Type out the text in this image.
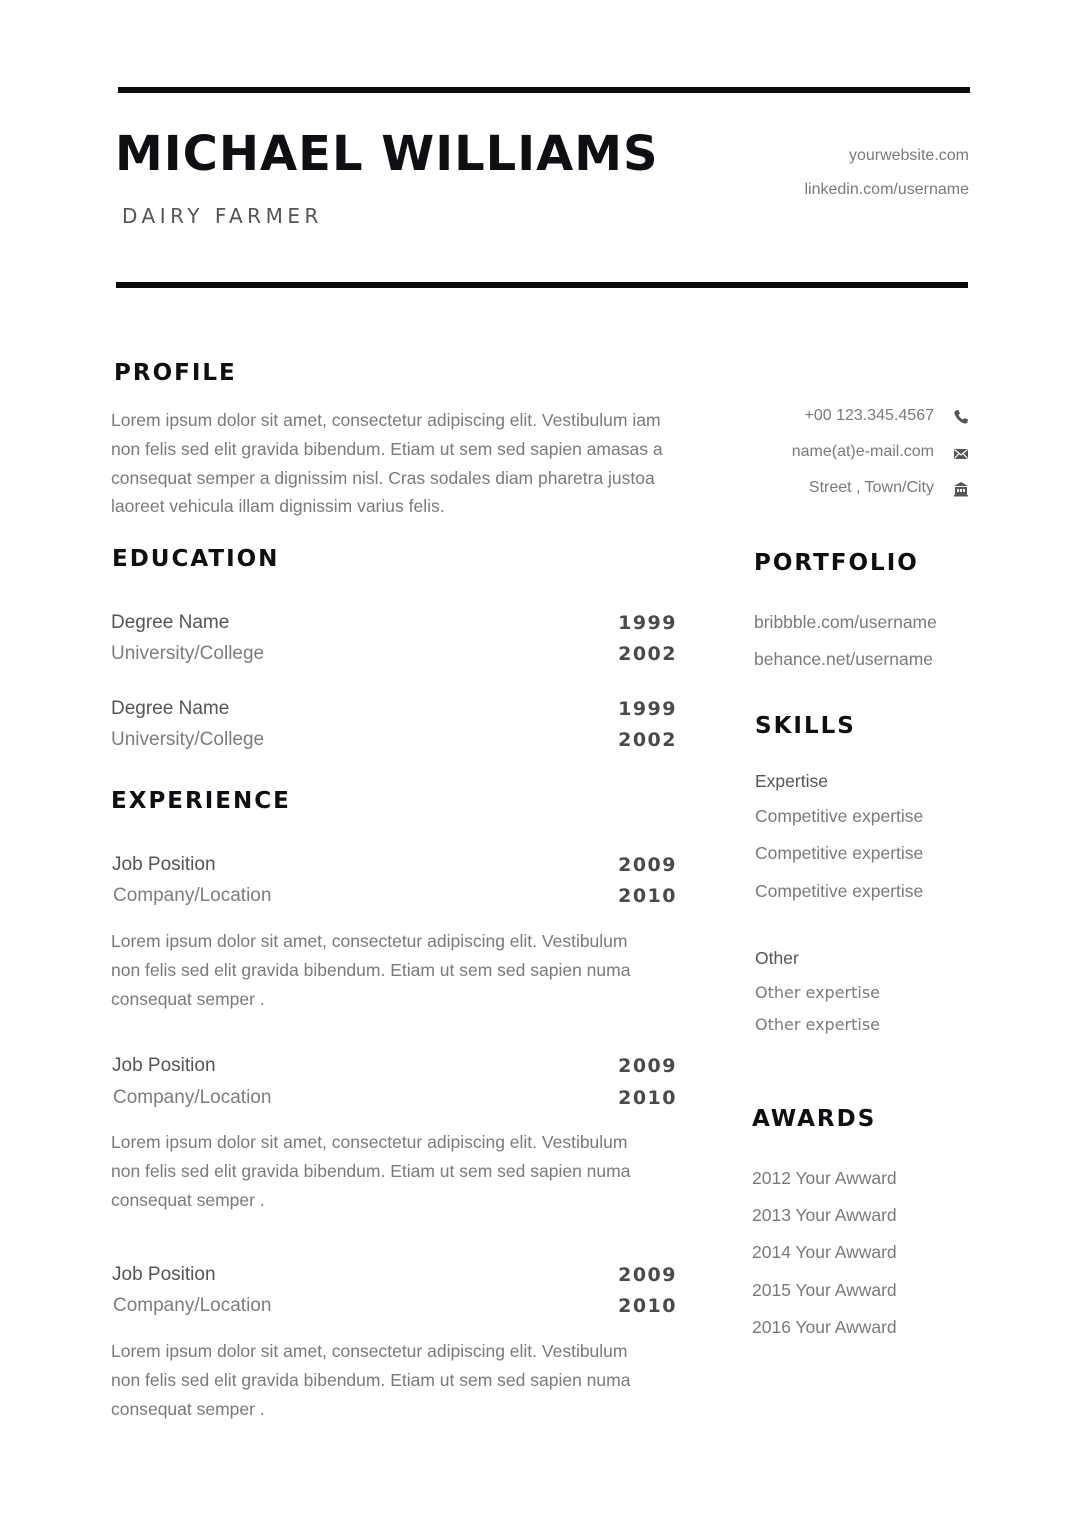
MICHAEL WILLIAMS
DAIRY FARMER
yourwebsite.com
linkedin.com/username
PROFILE
Lorem ipsum dolor sit amet, consectetur adipiscing elit. Vestibulum iam
non felis sed elit gravida bibendum. Etiam ut sem sed sapien amasas a
consequat semper a dignissim nisl. Cras sodales diam pharetra justoa
laoreet vehicula illam dignissim varius felis.
+00 123.345.4567
name(at)e-mail.com
Street , Town/City
EDUCATION
Degree Name	1999
University/College	2002
Degree Name	1999
University/College	2002
EXPERIENCE
Job Position	2009
Company/Location	2010
Lorem ipsum dolor sit amet, consectetur adipiscing elit. Vestibulum
non felis sed elit gravida bibendum. Etiam ut sem sed sapien numa
consequat semper .
Job Position	2009
Company/Location	2010
Lorem ipsum dolor sit amet, consectetur adipiscing elit. Vestibulum
non felis sed elit gravida bibendum. Etiam ut sem sed sapien numa
consequat semper .
Job Position	2009
Company/Location	2010
Lorem ipsum dolor sit amet, consectetur adipiscing elit. Vestibulum
non felis sed elit gravida bibendum. Etiam ut sem sed sapien numa
consequat semper .
PORTFOLIO
bribbble.com/username
behance.net/username
SKILLS
Expertise
Competitive expertise
Competitive expertise
Competitive expertise
Other
Other expertise
Other expertise
AWARDS
2012 Your Awward
2013 Your Awward
2014 Your Awward
2015 Your Awward
2016 Your Awward
